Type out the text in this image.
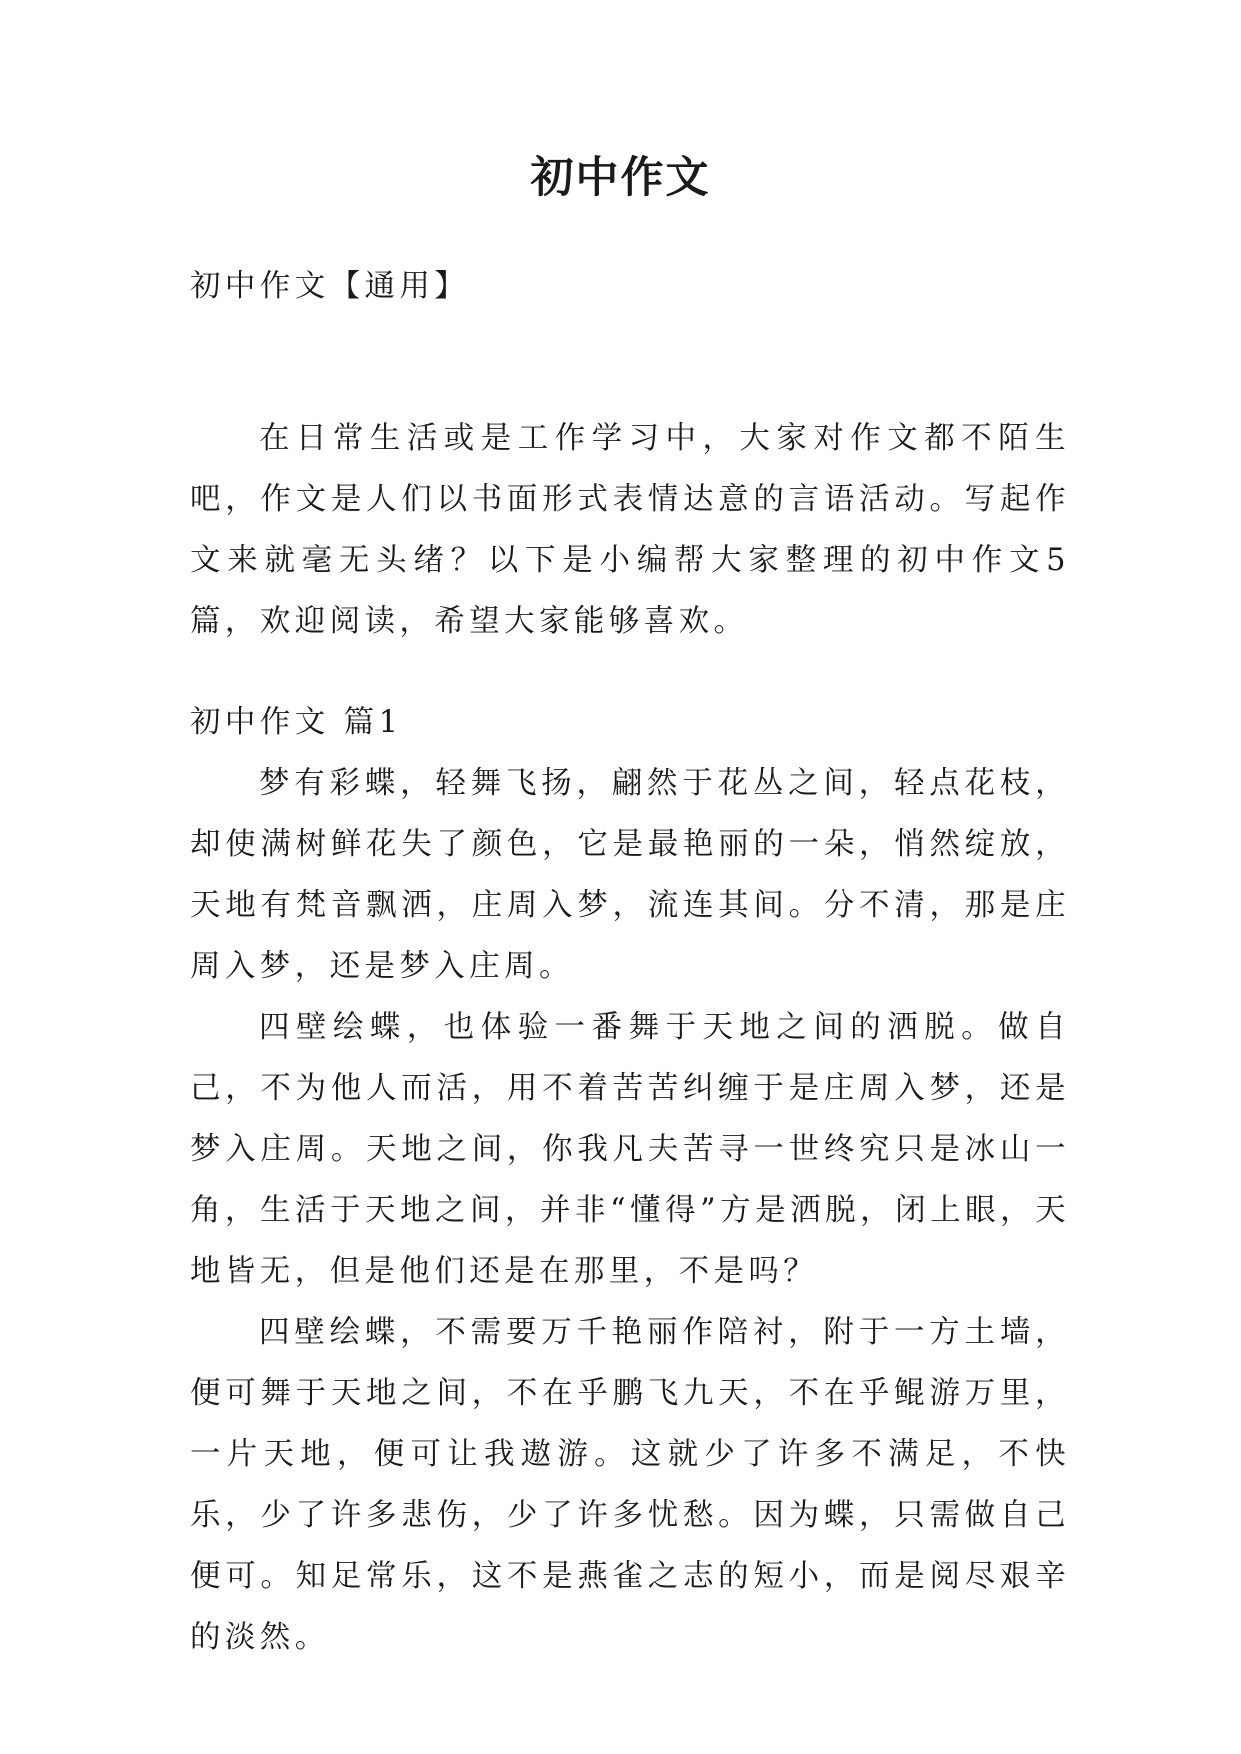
初中作文

初中作文【通用】

在日常生活或是工作学习中，大家对作文都不陌生吧，作文是人们以书面形式表情达意的言语活动。写起作文来就毫无头绪？以下是小编帮大家整理的初中作文5篇，欢迎阅读，希望大家能够喜欢。

初中作文 篇1

梦有彩蝶，轻舞飞扬，翩然于花丛之间，轻点花枝，却使满树鲜花失了颜色，它是最艳丽的一朵，悄然绽放，天地有梵音飘洒，庄周入梦，流连其间。分不清，那是庄周入梦，还是梦入庄周。

四壁绘蝶，也体验一番舞于天地之间的洒脱。做自己，不为他人而活，用不着苦苦纠缠于是庄周入梦，还是梦入庄周。天地之间，你我凡夫苦寻一世终究只是冰山一角，生活于天地之间，并非“懂得”方是洒脱，闭上眼，天地皆无，但是他们还是在那里，不是吗？

四壁绘蝶，不需要万千艳丽作陪衬，附于一方土墙，便可舞于天地之间，不在乎鹏飞九天，不在乎鲲游万里，一片天地，便可让我遨游。这就少了许多不满足，不快乐，少了许多悲伤，少了许多忧愁。因为蝶，只需做自己便可。知足常乐，这不是燕雀之志的短小，而是阅尽艰辛的淡然。
